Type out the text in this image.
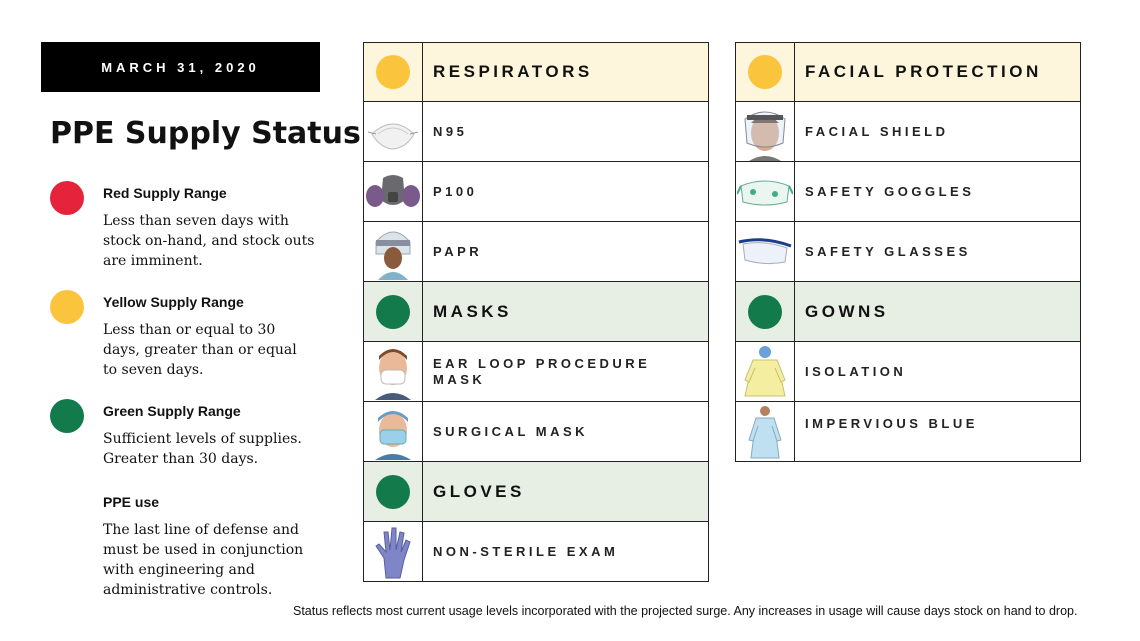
MARCH 31, 2020
PPE Supply Status
Red Supply Range
Less than seven days with
stock on-hand, and stock outs
are imminent.
Yellow Supply Range
Less than or equal to 30
days, greater than or equal
to seven days.
Green Supply Range
Sufficient levels of supplies.
Greater than 30 days.
PPE use
The last line of defense and
must be used in conjunction
with engineering and
administrative controls.
RESPIRATORS
N95
P100
PAPR
MASKS
EAR LOOP PROCEDURE MASK
SURGICAL MASK
GLOVES
NON-STERILE EXAM
FACIAL PROTECTION
FACIAL SHIELD
SAFETY GOGGLES
SAFETY GLASSES
GOWNS
ISOLATION
IMPERVIOUS BLUE
Status reflects most current usage levels incorporated with the projected surge. Any increases in usage will cause days stock on hand to drop.
